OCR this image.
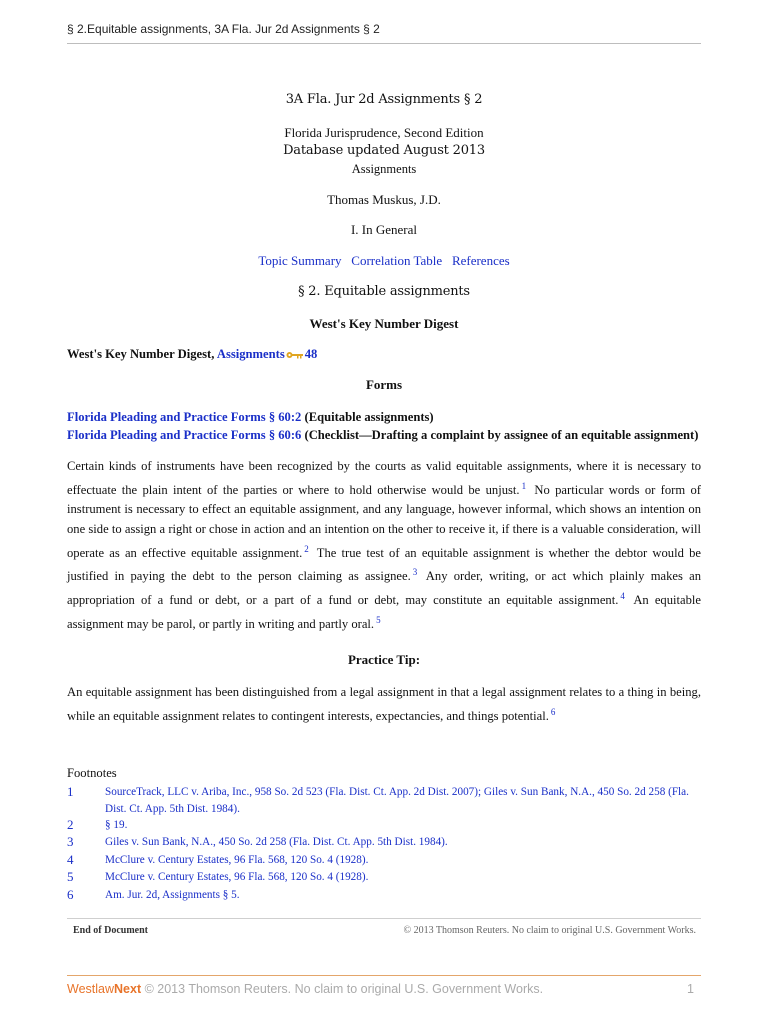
§ 2.Equitable assignments, 3A Fla. Jur 2d Assignments § 2
3A Fla. Jur 2d Assignments § 2
Florida Jurisprudence, Second Edition
Database updated August 2013
Assignments
Thomas Muskus, J.D.
I. In General
Topic Summary Correlation Table References
§ 2. Equitable assignments
West's Key Number Digest
West's Key Number Digest, Assignments 48
Forms
Florida Pleading and Practice Forms § 60:2 (Equitable assignments)
Florida Pleading and Practice Forms § 60:6 (Checklist—Drafting a complaint by assignee of an equitable assignment)

Certain kinds of instruments have been recognized by the courts as valid equitable assignments, where it is necessary to effectuate the plain intent of the parties or where to hold otherwise would be unjust. $^1$ No particular words or form of instrument is necessary to effect an equitable assignment, and any language, however informal, which shows an intention on one side to assign a right or chose in action and an intention on the other to receive it, if there is a valuable consideration, will operate as an effective equitable assignment. $^2$ The true test of an equitable assignment is whether the debtor would be justified in paying the debt to the person claiming as assignee. $^3$ Any order, writing, or act which plainly makes an appropriation of a fund or debt, or a part of a fund or debt, may constitute an equitable assignment. $^4$ An equitable assignment may be parol, or partly in writing and partly oral. $^5$

Practice Tip:

An equitable assignment has been distinguished from a legal assignment in that a legal assignment relates to a thing in being, while an equitable assignment relates to contingent interests, expectancies, and things potential. $^6$

Footnotes
1	SourceTrack, LLC v. Ariba, Inc., 958 So. 2d 523 (Fla. Dist. Ct. App. 2d Dist. 2007); Giles v. Sun Bank, N.A., 450 So. 2d 258 (Fla. Dist. Ct. App. 5th Dist. 1984).
2	§ 19.
3	Giles v. Sun Bank, N.A., 450 So. 2d 258 (Fla. Dist. Ct. App. 5th Dist. 1984).
4	McClure v. Century Estates, 96 Fla. 568, 120 So. 4 (1928).
5	McClure v. Century Estates, 96 Fla. 568, 120 So. 4 (1928).
6	Am. Jur. 2d, Assignments § 5.
End of Document	© 2013 Thomson Reuters. No claim to original U.S. Government Works.
WestlawNext © 2013 Thomson Reuters. No claim to original U.S. Government Works.	1
